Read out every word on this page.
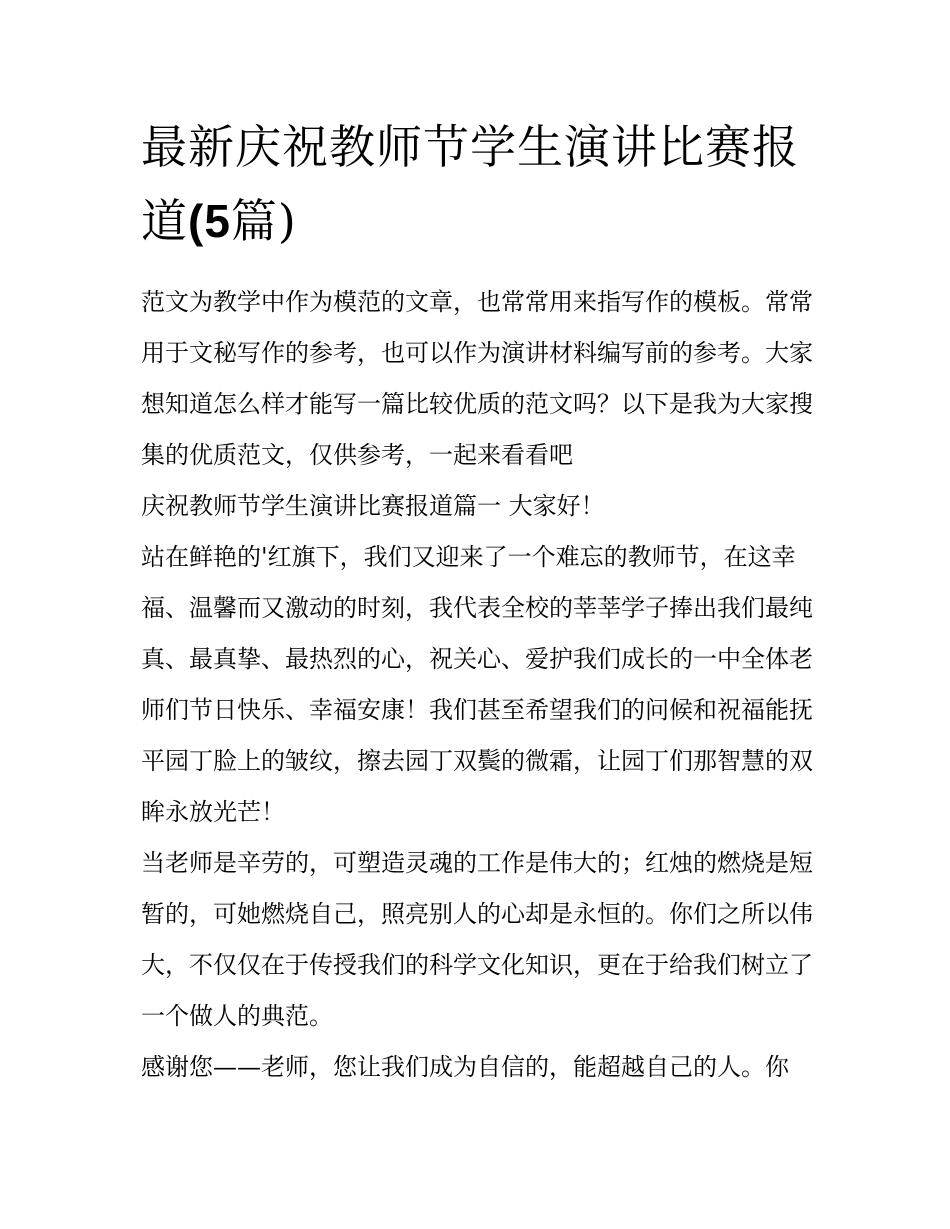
最新庆祝教师节学生演讲比赛报道(5篇)

范文为教学中作为模范的文章，也常常用来指写作的模板。常常用于文秘写作的参考，也可以作为演讲材料编写前的参考。大家想知道怎么样才能写一篇比较优质的范文吗？以下是我为大家搜集的优质范文，仅供参考，一起来看看吧

庆祝教师节学生演讲比赛报道篇一 大家好！

站在鲜艳的'红旗下，我们又迎来了一个难忘的教师节，在这幸福、温馨而又激动的时刻，我代表全校的莘莘学子捧出我们最纯真、最真挚、最热烈的心，祝关心、爱护我们成长的一中全体老师们节日快乐、幸福安康！我们甚至希望我们的问候和祝福能抚平园丁脸上的皱纹，擦去园丁双鬓的微霜，让园丁们那智慧的双眸永放光芒！

当老师是辛劳的，可塑造灵魂的工作是伟大的；红烛的燃烧是短暂的，可她燃烧自己，照亮别人的心却是永恒的。你们之所以伟大，不仅仅在于传授我们的科学文化知识，更在于给我们树立了一个做人的典范。

感谢您——老师，您让我们成为自信的，能超越自己的人。你
